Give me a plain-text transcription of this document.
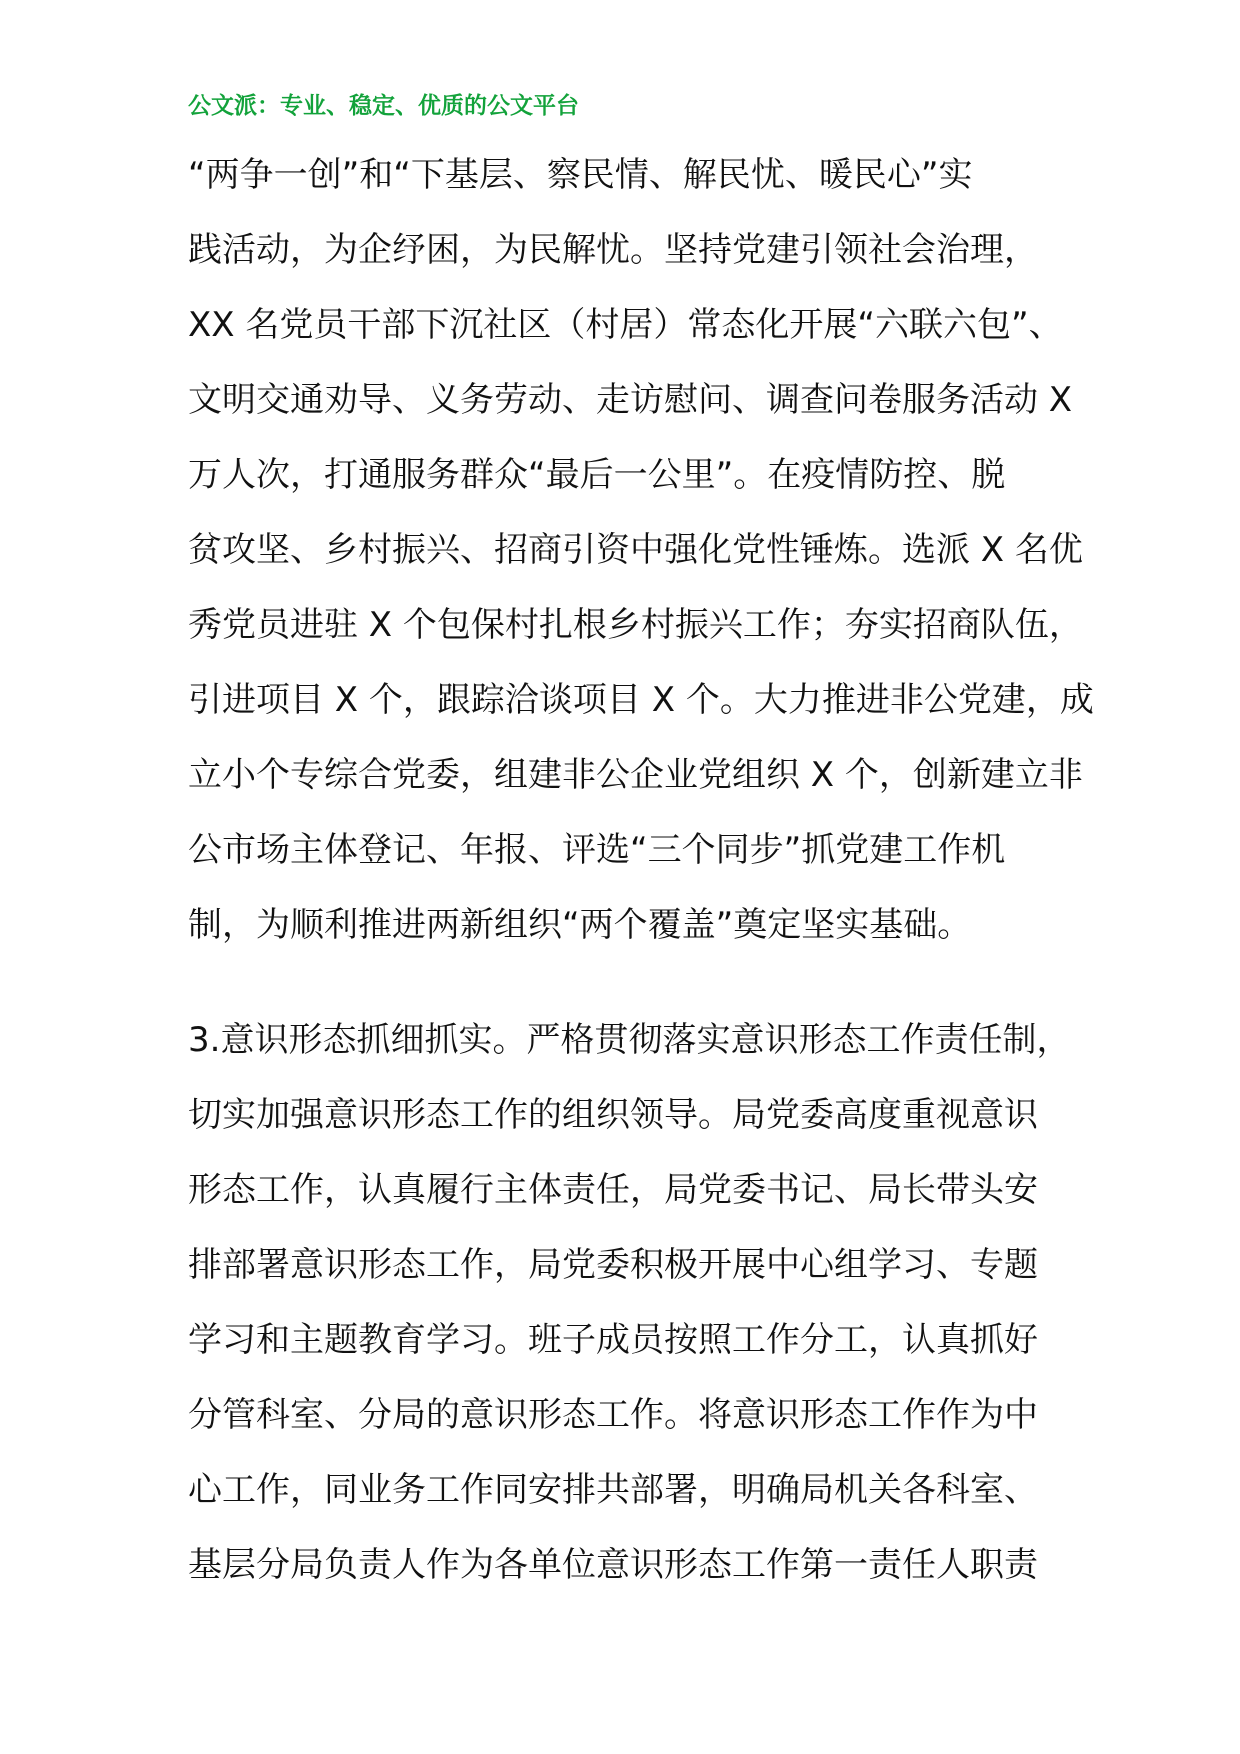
公文派：专业、稳定、优质的公文平台
“两争一创”和“下基层、察民情、解民忧、暖民心”实
践活动，为企纾困，为民解忧。坚持党建引领社会治理，
XX 名党员干部下沉社区（村居）常态化开展“六联六包”、
文明交通劝导、义务劳动、走访慰问、调查问卷服务活动 X
万人次，打通服务群众“最后一公里”。在疫情防控、脱
贫攻坚、乡村振兴、招商引资中强化党性锤炼。选派 X 名优
秀党员进驻 X 个包保村扎根乡村振兴工作；夯实招商队伍，
引进项目 X 个，跟踪洽谈项目 X 个。大力推进非公党建，成
立小个专综合党委，组建非公企业党组织 X 个，创新建立非
公市场主体登记、年报、评选“三个同步”抓党建工作机
制，为顺利推进两新组织“两个覆盖”奠定坚实基础。
3.意识形态抓细抓实。严格贯彻落实意识形态工作责任制，
切实加强意识形态工作的组织领导。局党委高度重视意识
形态工作，认真履行主体责任，局党委书记、局长带头安
排部署意识形态工作，局党委积极开展中心组学习、专题
学习和主题教育学习。班子成员按照工作分工，认真抓好
分管科室、分局的意识形态工作。将意识形态工作作为中
心工作，同业务工作同安排共部署，明确局机关各科室、
基层分局负责人作为各单位意识形态工作第一责任人职责
